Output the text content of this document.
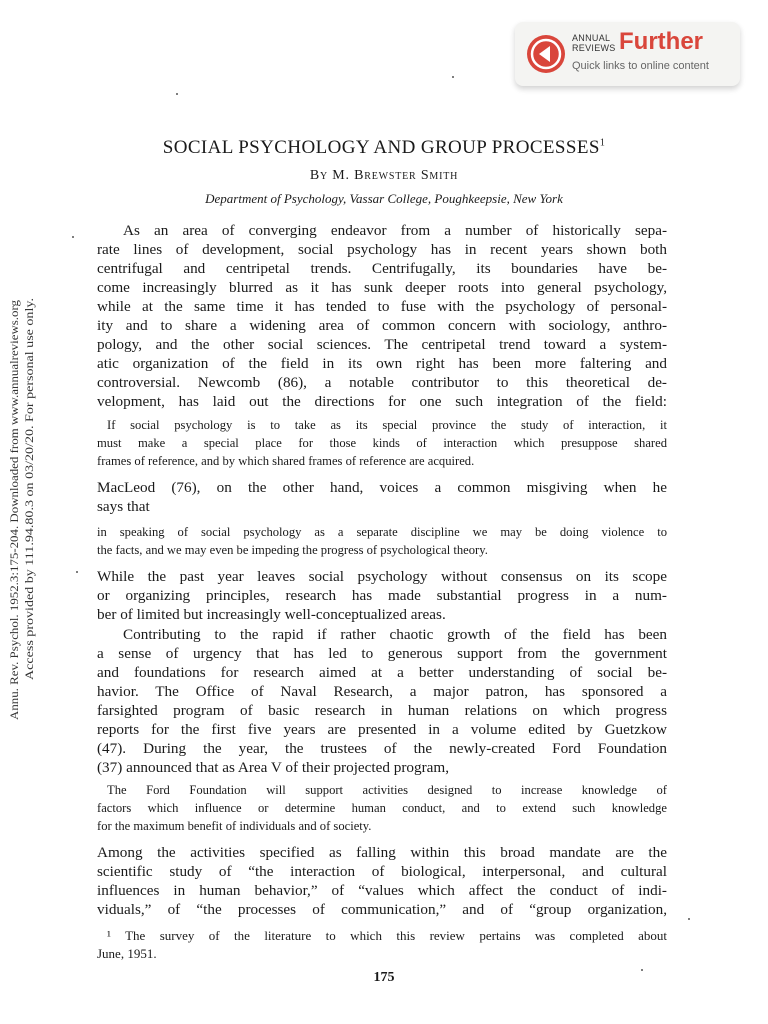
ANNUAL
REVIEWS Further
Quick links to online content
Annu. Rev. Psychol. 1952.3:175-204. Downloaded from www.annualreviews.org Access provided by 111.94.80.3 on 03/20/20. For personal use only.
SOCIAL PSYCHOLOGY AND GROUP PROCESSES$^1$
By M. Brewster Smith
Department of Psychology, Vassar College, Poughkeepsie, New York
As an area of converging endeavor from a number of historically sepa-
rate lines of development, social psychology has in recent years shown both
centrifugal and centripetal trends. Centrifugally, its boundaries have be-
come increasingly blurred as it has sunk deeper roots into general psychology,
while at the same time it has tended to fuse with the psychology of personal-
ity and to share a widening area of common concern with sociology, anthro-
pology, and the other social sciences. The centripetal trend toward a system-
atic organization of the field in its own right has been more faltering and
controversial. Newcomb (86), a notable contributor to this theoretical de-
velopment, has laid out the directions for one such integration of the field:
If social psychology is to take as its special province the study of interaction, it
must make a special place for those kinds of interaction which presuppose shared
frames of reference, and by which shared frames of reference are acquired.
MacLeod (76), on the other hand, voices a common misgiving when he
says that
in speaking of social psychology as a separate discipline we may be doing violence to
the facts, and we may even be impeding the progress of psychological theory.
While the past year leaves social psychology without consensus on its scope
or organizing principles, research has made substantial progress in a num-
ber of limited but increasingly well-conceptualized areas.
Contributing to the rapid if rather chaotic growth of the field has been
a sense of urgency that has led to generous support from the government
and foundations for research aimed at a better understanding of social be-
havior. The Office of Naval Research, a major patron, has sponsored a
farsighted program of basic research in human relations on which progress
reports for the first five years are presented in a volume edited by Guetzkow
(47). During the year, the trustees of the newly-created Ford Foundation
(37) announced that as Area V of their projected program,
The Ford Foundation will support activities designed to increase knowledge of
factors which influence or determine human conduct, and to extend such knowledge
for the maximum benefit of individuals and of society.
Among the activities specified as falling within this broad mandate are the
scientific study of “the interaction of biological, interpersonal, and cultural
influences in human behavior,” of “values which affect the conduct of indi-
viduals,” of “the processes of communication,” and of “group organization,
¹ The survey of the literature to which this review pertains was completed about
June, 1951.
175
